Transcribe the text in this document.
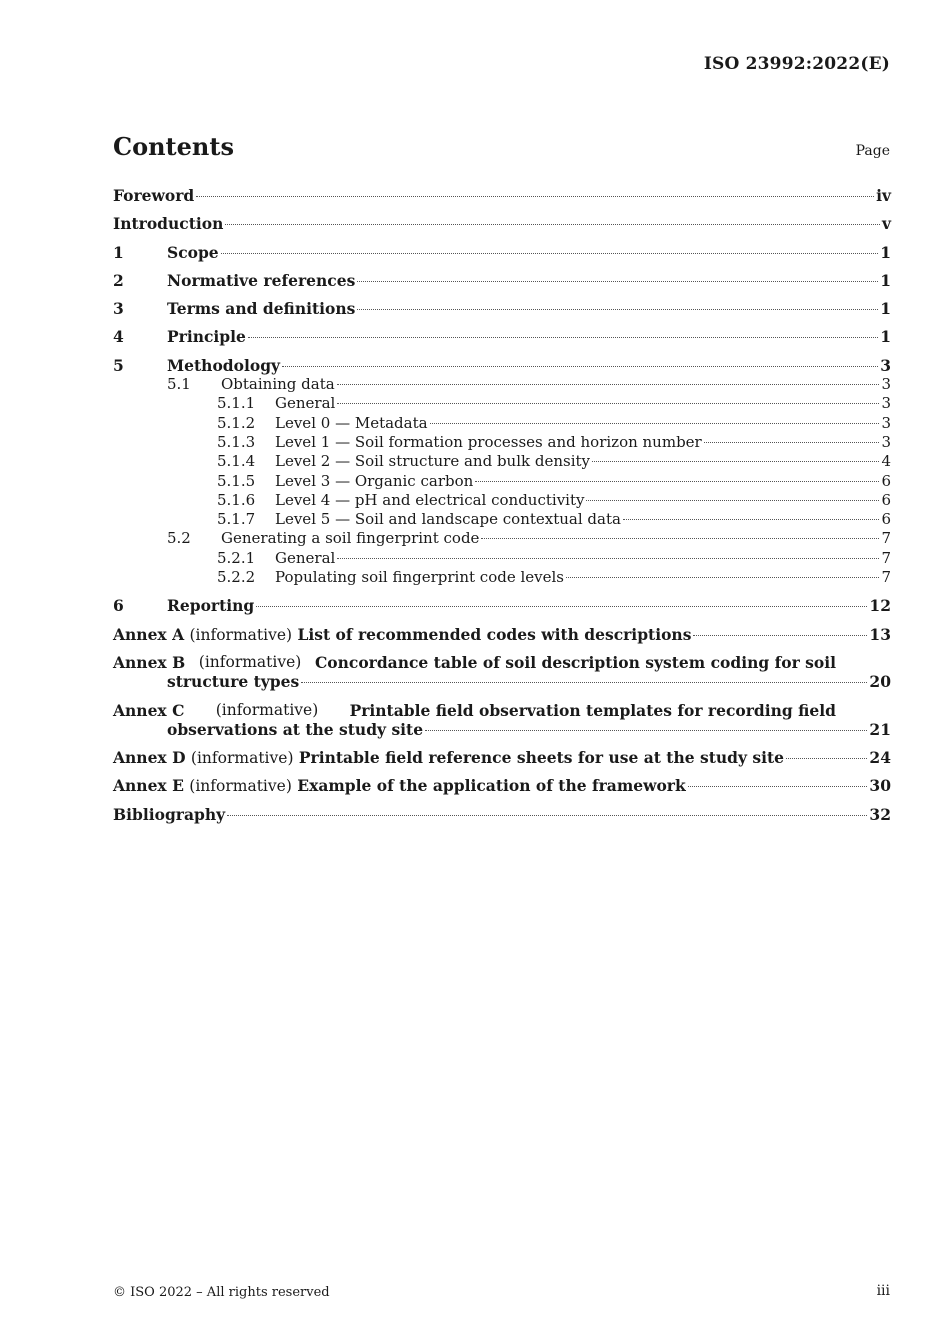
ISO 23992:2022(E)
Contents	Page
Foreword	iv
Introduction	v
1	Scope	1
2	Normative references	1
3	Terms and definitions	1
4	Principle	1
5	Methodology	3
5.1	Obtaining data	3
5.1.1	General	3
5.1.2	Level 0 — Metadata	3
5.1.3	Level 1 — Soil formation processes and horizon number	3
5.1.4	Level 2 — Soil structure and bulk density	4
5.1.5	Level 3 — Organic carbon	6
5.1.6	Level 4 — pH and electrical conductivity	6
5.1.7	Level 5 — Soil and landscape contextual data	6
5.2	Generating a soil fingerprint code	7
5.2.1	General	7
5.2.2	Populating soil fingerprint code levels	7
6	Reporting	12
Annex A (informative) List of recommended codes with descriptions	13
Annex B (informative) Concordance table of soil description system coding for soil
structure types	20
Annex C (informative) Printable field observation templates for recording field
observations at the study site	21
Annex D (informative) Printable field reference sheets for use at the study site	24
Annex E (informative) Example of the application of the framework	30
Bibliography	32
© ISO 2022 – All rights reserved	iii
